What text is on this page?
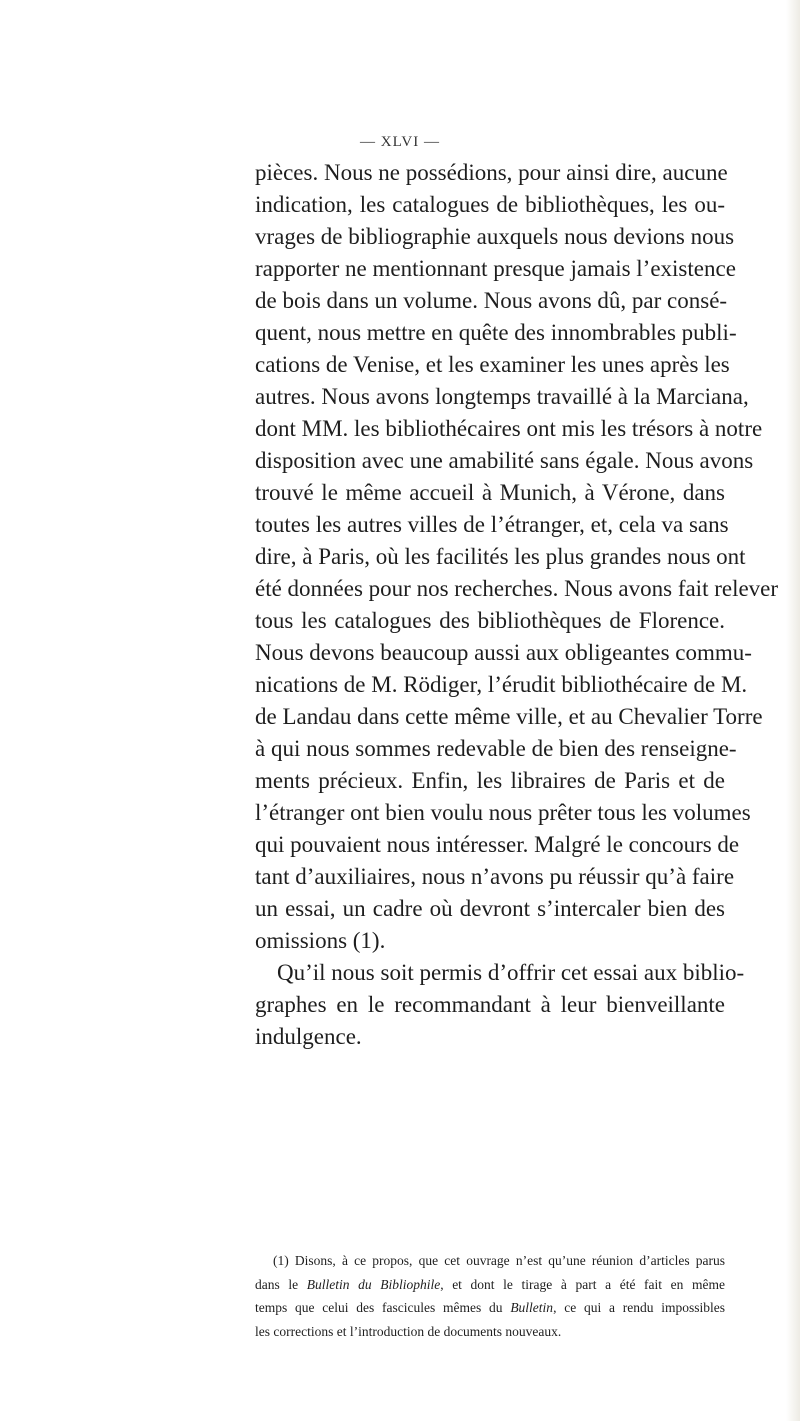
— XLVI —
pièces. Nous ne possédions, pour ainsi dire, aucune
indication, les catalogues de bibliothèques, les ou-
vrages de bibliographie auxquels nous devions nous
rapporter ne mentionnant presque jamais l’existence
de bois dans un volume. Nous avons dû, par consé-
quent, nous mettre en quête des innombrables publi-
cations de Venise, et les examiner les unes après les
autres. Nous avons longtemps travaillé à la Marciana,
dont MM. les bibliothécaires ont mis les trésors à notre
disposition avec une amabilité sans égale. Nous avons
trouvé le même accueil à Munich, à Vérone, dans
toutes les autres villes de l’étranger, et, cela va sans
dire, à Paris, où les facilités les plus grandes nous ont
été données pour nos recherches. Nous avons fait relever
tous les catalogues des bibliothèques de Florence.
Nous devons beaucoup aussi aux obligeantes commu-
nications de M. Rödiger, l’érudit bibliothécaire de M.
de Landau dans cette même ville, et au Chevalier Torre
à qui nous sommes redevable de bien des renseigne-
ments précieux. Enfin, les libraires de Paris et de
l’étranger ont bien voulu nous prêter tous les volumes
qui pouvaient nous intéresser. Malgré le concours de
tant d’auxiliaires, nous n’avons pu réussir qu’à faire
un essai, un cadre où devront s’intercaler bien des
omissions (1).
Qu’il nous soit permis d’offrir cet essai aux biblio-
graphes en le recommandant à leur bienveillante
indulgence.
(1) Disons, à ce propos, que cet ouvrage n’est qu’une réunion d’articles parus
dans le Bulletin du Bibliophile, et dont le tirage à part a été fait en même
temps que celui des fascicules mêmes du Bulletin, ce qui a rendu impossibles
les corrections et l’introduction de documents nouveaux.
